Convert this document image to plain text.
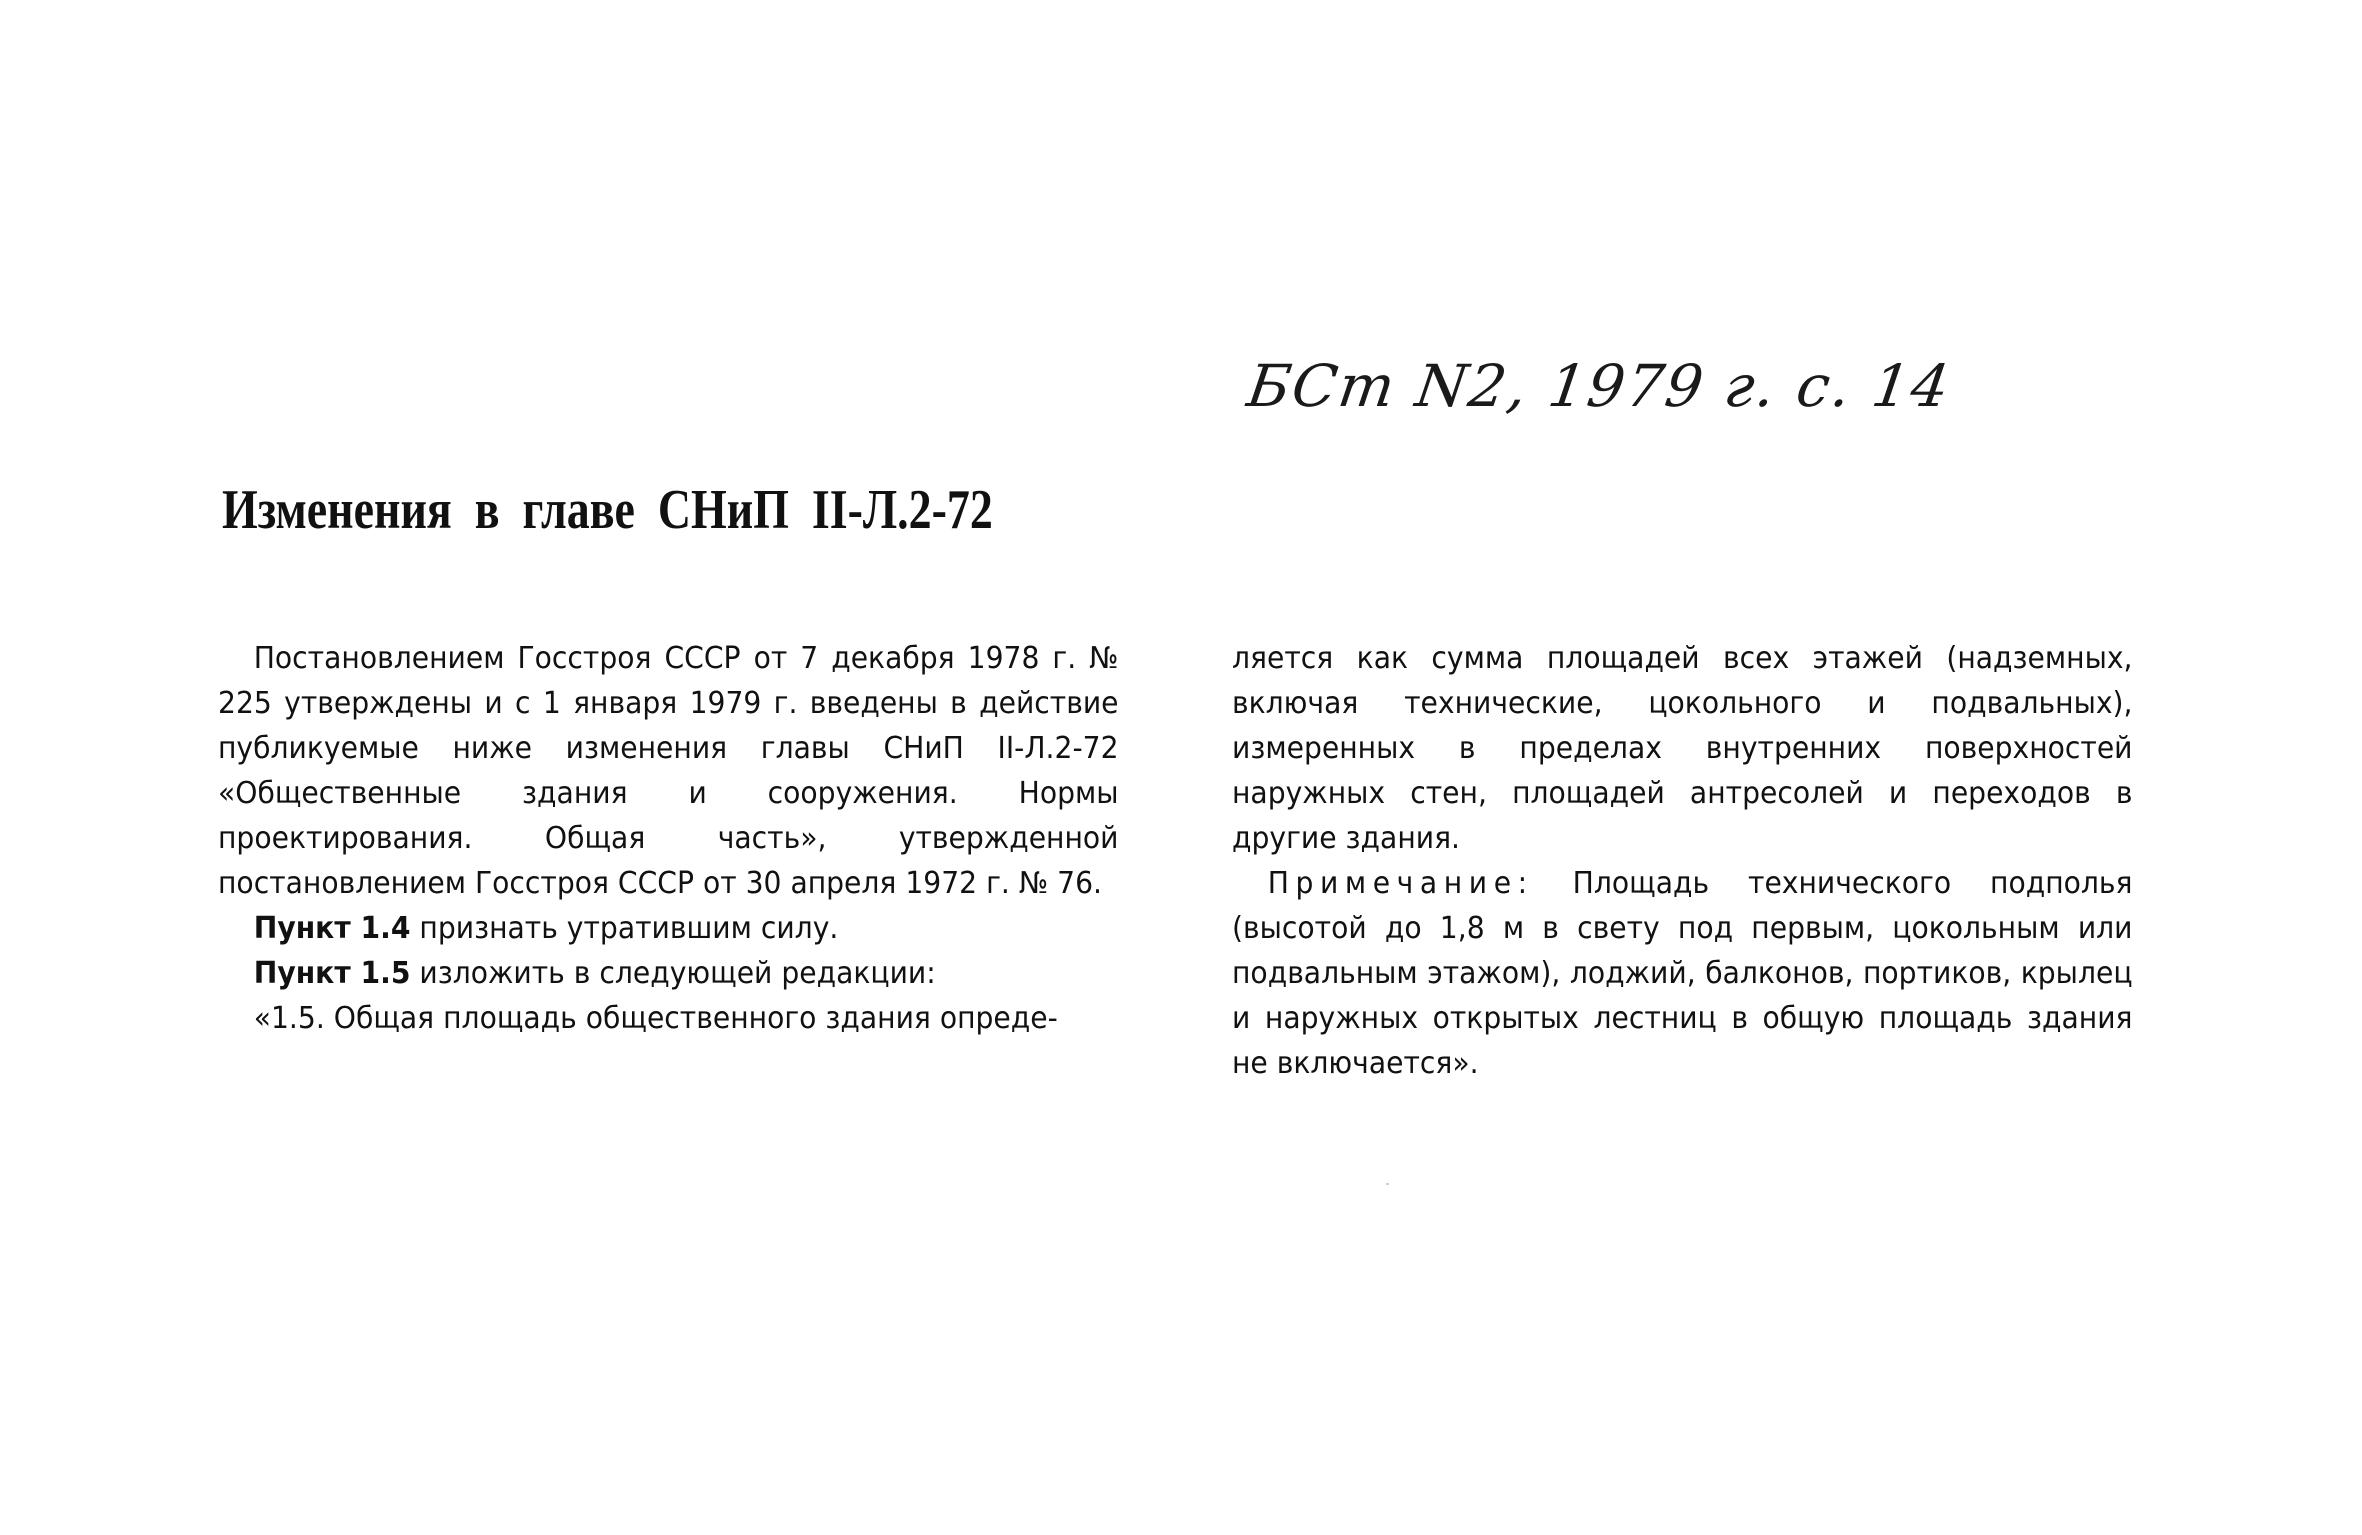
БСт N2, 1979 г. с. 14
Изменения в главе СНиП II-Л.2-72

Постановлением Госстроя СССР от 7 декабря 1978 г. № 225 утверждены и с 1 января 1979 г. введены в действие публикуемые ниже изменения главы СНиП II-Л.2-72 «Общественные здания и сооружения. Нормы проектирования. Общая часть», утвержденной постановлением Госстроя СССР от 30 апреля 1972 г. № 76.

Пункт 1.4 признать утратившим силу.

Пункт 1.5 изложить в следующей редакции:

«1.5. Общая площадь общественного здания опреде-

ляется как сумма площадей всех этажей (надземных, включая технические, цокольного и подвальных), измеренных в пределах внутренних поверхностей наружных стен, площадей антресолей и переходов в другие здания.

Примечание: Площадь технического подполья (высотой до 1,8 м в свету под первым, цокольным или подвальным этажом), лоджий, балконов, портиков, крылец и наружных открытых лестниц в общую площадь здания не включается».
